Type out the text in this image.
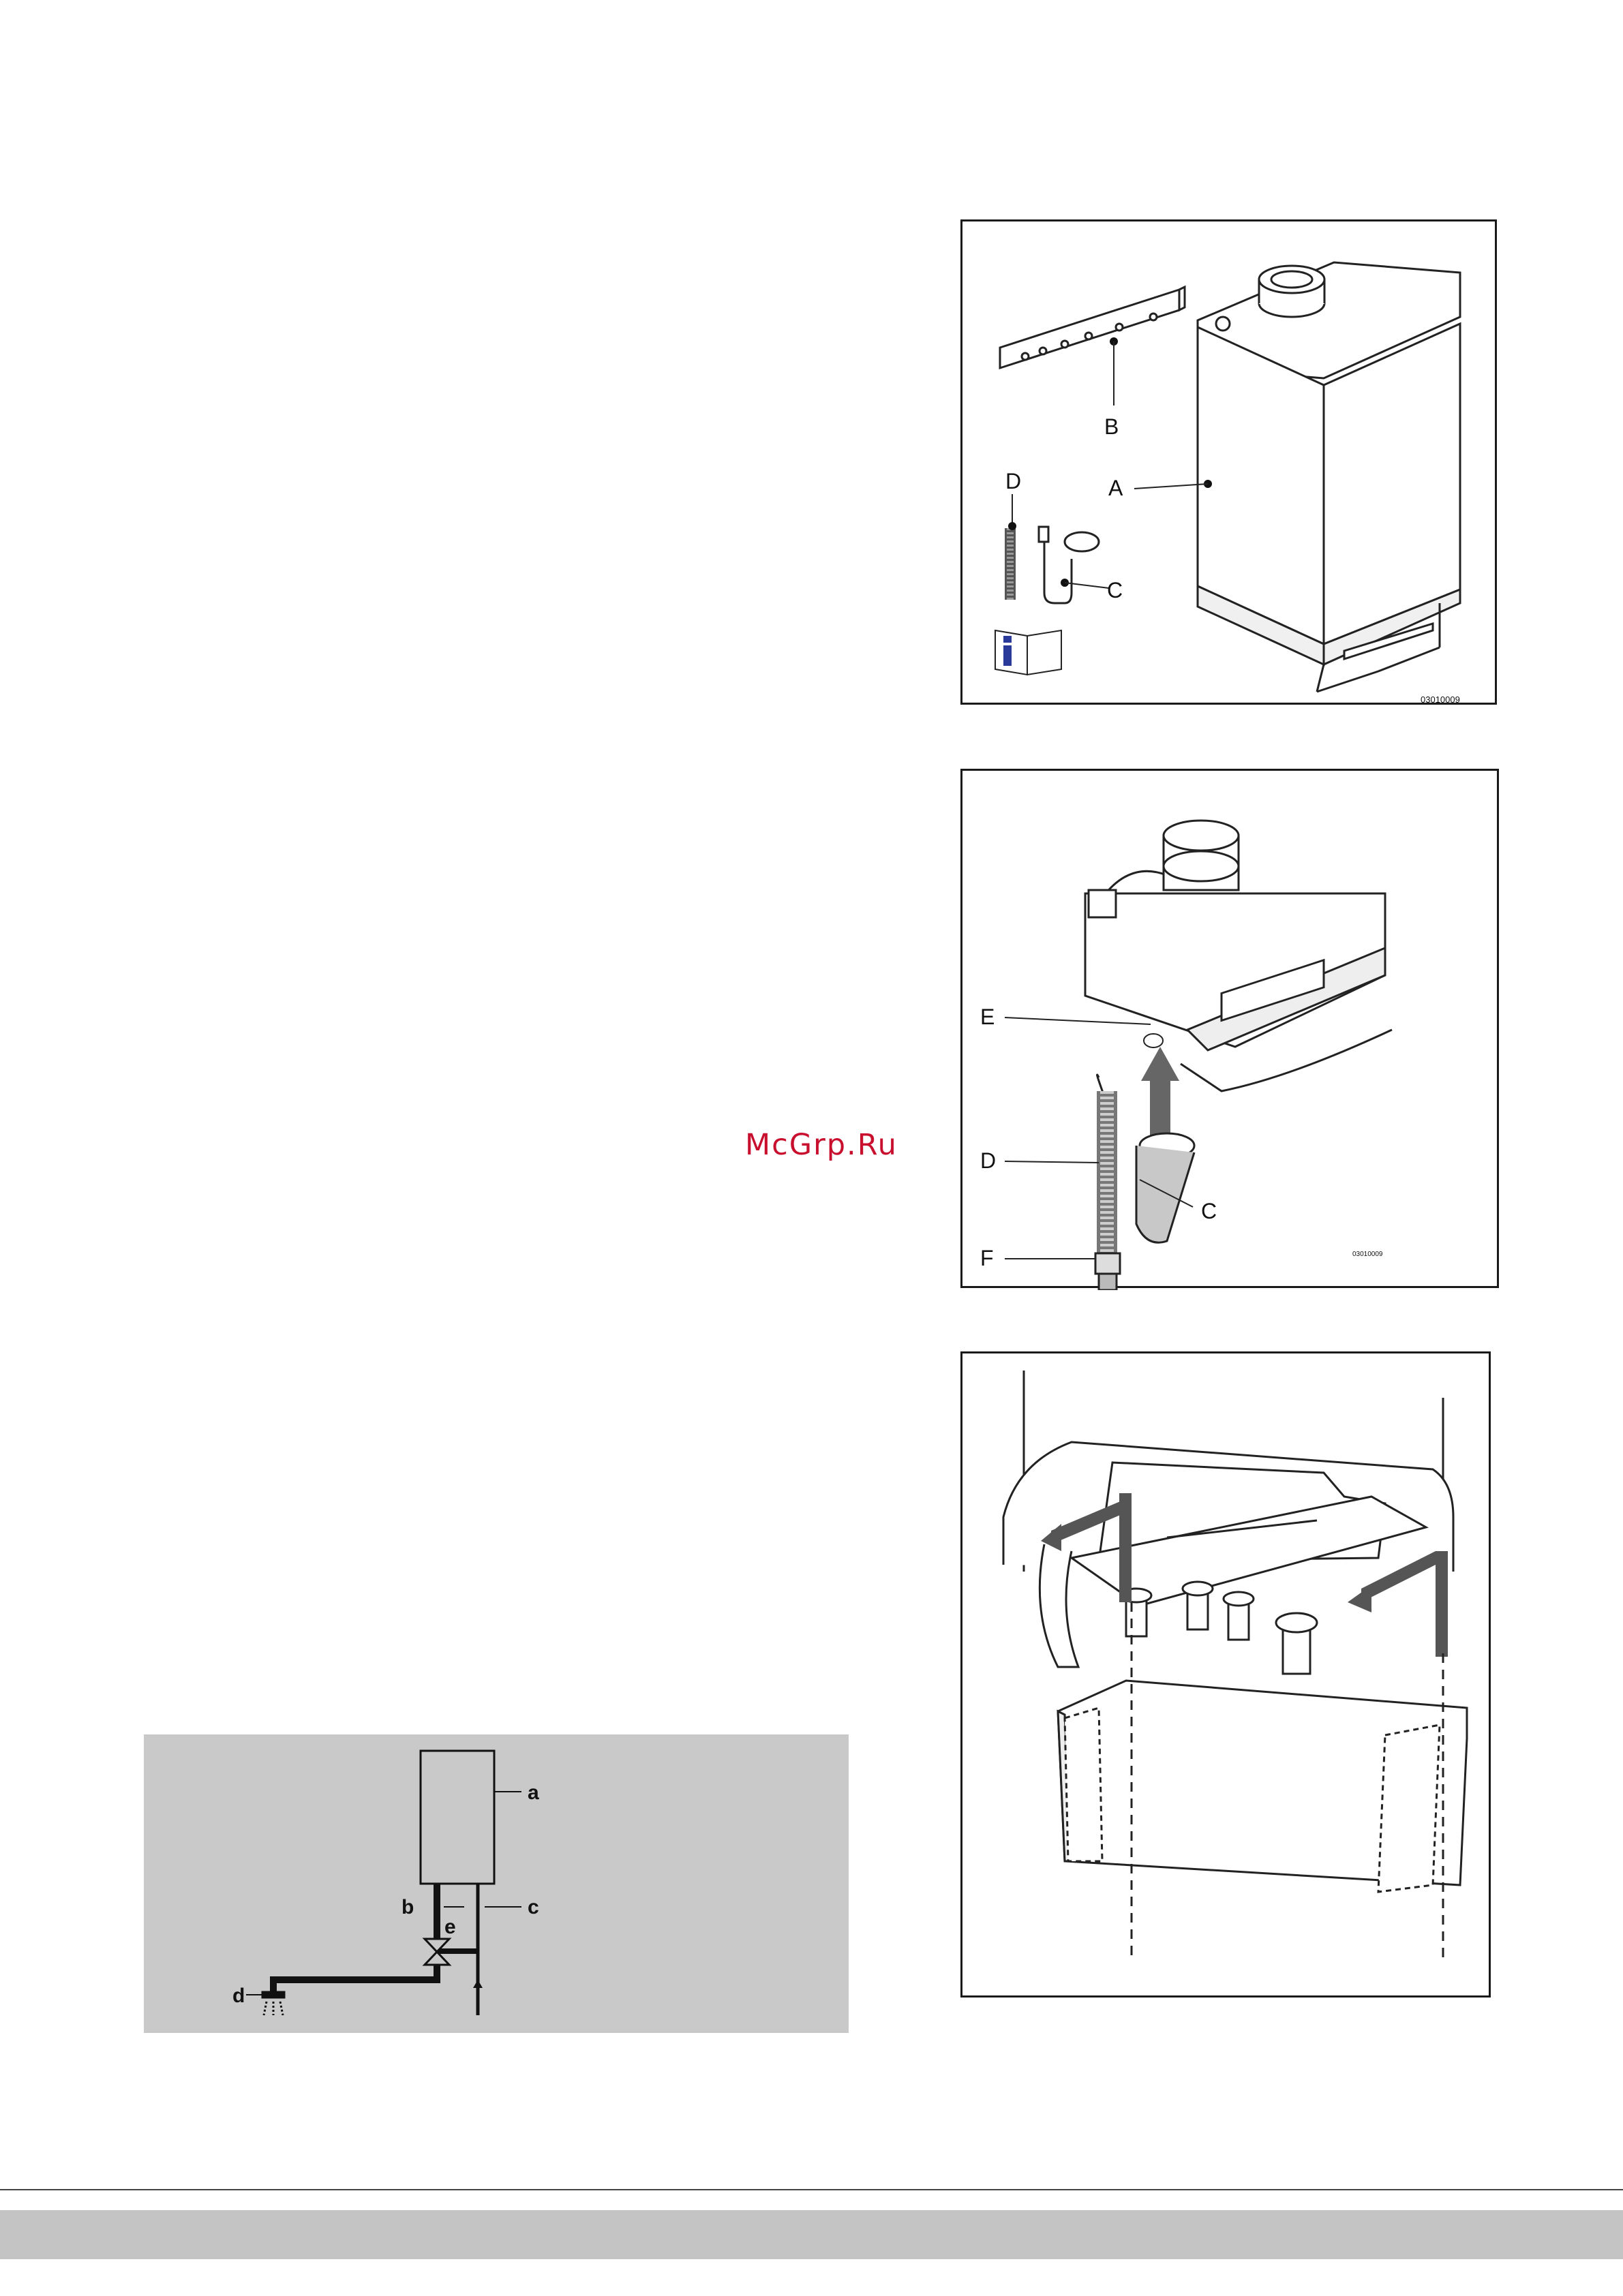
B
A
D
C
03010009
E
D
C
F	03010009
McGrp.Ru
a
b	c
d
e
